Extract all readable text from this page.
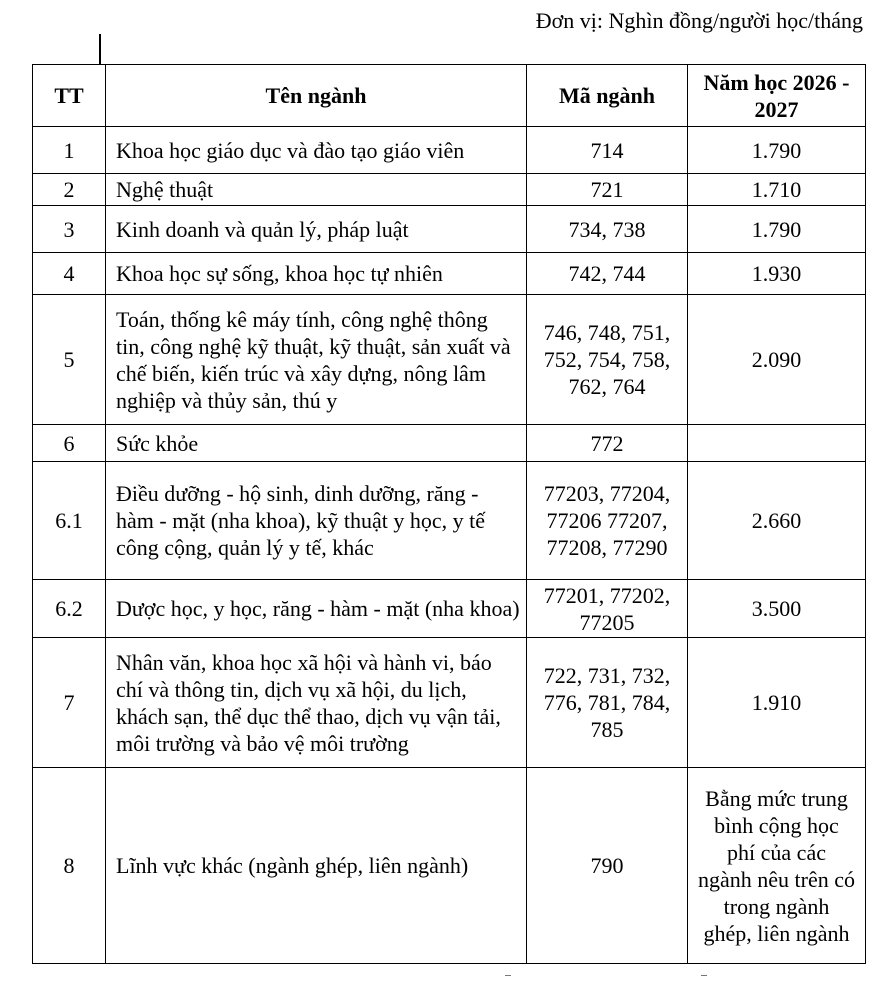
Đơn vị: Nghìn đồng/người học/tháng
TT	Tên ngành	Mã ngành	Năm học 2026 - 2027
1	Khoa học giáo dục và đào tạo giáo viên	714	1.790
2	Nghệ thuật	721	1.710
3	Kinh doanh và quản lý, pháp luật	734, 738	1.790
4	Khoa học sự sống, khoa học tự nhiên	742, 744	1.930
5	Toán, thống kê máy tính, công nghệ thông tin, công nghệ kỹ thuật, kỹ thuật, sản xuất và chế biến, kiến trúc và xây dựng, nông lâm nghiệp và thủy sản, thú y	746, 748, 751, 752, 754, 758, 762, 764	2.090
6	Sức khỏe	772	
6.1	Điều dưỡng - hộ sinh, dinh dưỡng, răng - hàm - mặt (nha khoa), kỹ thuật y học, y tế công cộng, quản lý y tế, khác	77203, 77204, 77206 77207, 77208, 77290	2.660
6.2	Dược học, y học, răng - hàm - mặt (nha khoa)	77201, 77202, 77205	3.500
7	Nhân văn, khoa học xã hội và hành vi, báo chí và thông tin, dịch vụ xã hội, du lịch, khách sạn, thể dục thể thao, dịch vụ vận tải, môi trường và bảo vệ môi trường	722, 731, 732, 776, 781, 784, 785	1.910
8	Lĩnh vực khác (ngành ghép, liên ngành)	790	Bằng mức trung bình cộng học phí của các ngành nêu trên có trong ngành ghép, liên ngành
